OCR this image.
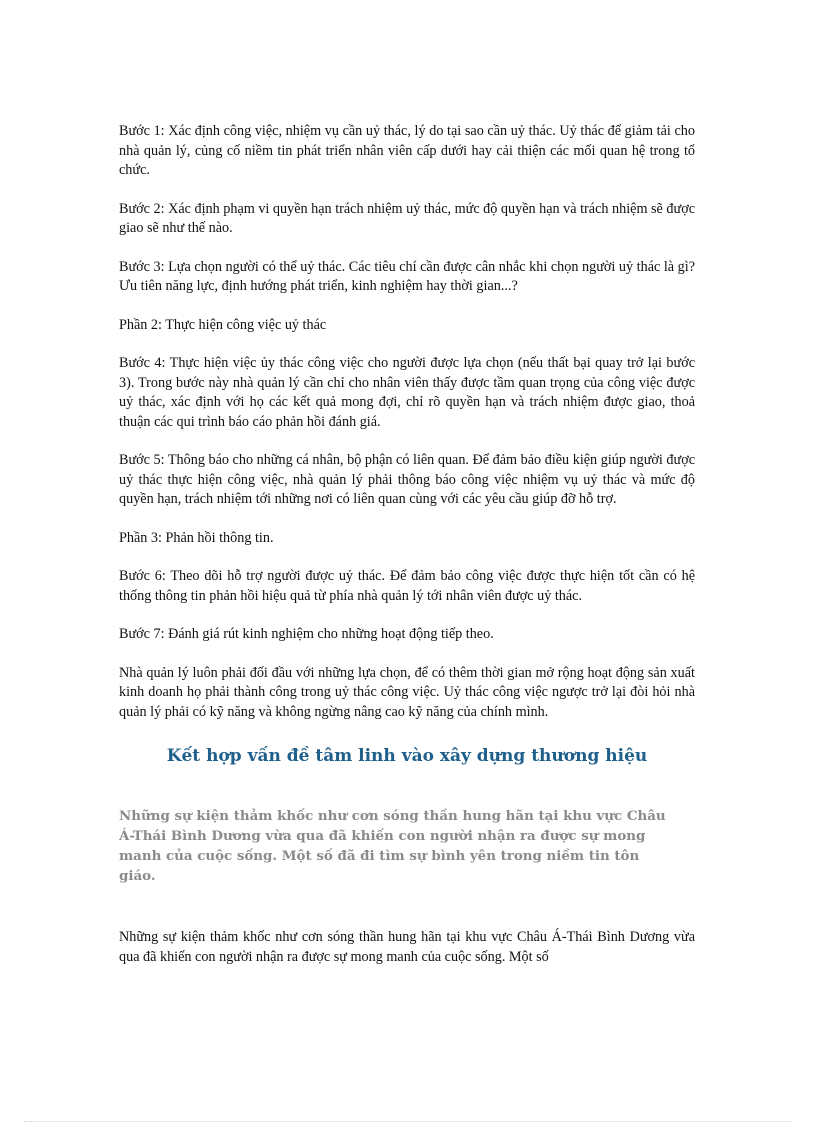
Bước 1: Xác định công việc, nhiệm vụ cần uỷ thác, lý do tại sao cần uỷ thác. Uỷ thác để giảm tải cho nhà quản lý, củng cố niềm tin phát triển nhân viên cấp dưới hay cải thiện các mối quan hệ trong tổ chức.

Bước 2: Xác định phạm vi quyền hạn trách nhiệm uỷ thác, mức độ quyền hạn và trách nhiệm sẽ được giao sẽ như thế nào.

Bước 3: Lựa chọn người có thể uỷ thác. Các tiêu chí cần được cân nhắc khi chọn người uỷ thác là gì? Ưu tiên năng lực, định hướng phát triển, kinh nghiệm hay thời gian...?

Phần 2: Thực hiện công việc uỷ thác

Bước 4: Thực hiện việc ủy thác công việc cho người được lựa chọn (nếu thất bại quay trở lại bước 3). Trong bước này nhà quản lý cần chỉ cho nhân viên thấy được tầm quan trọng của công việc được uỷ thác, xác định với họ các kết quả mong đợi, chỉ rõ quyền hạn và trách nhiệm được giao, thoả thuận các qui trình báo cáo phản hồi đánh giá.

Bước 5: Thông báo cho những cá nhân, bộ phận có liên quan. Để đảm bảo điều kiện giúp người được uỷ thác thực hiện công việc, nhà quản lý phải thông báo công việc nhiệm vụ uỷ thác và mức độ quyền hạn, trách nhiệm tới những nơi có liên quan cùng với các yêu cầu giúp đỡ hỗ trợ.

Phần 3: Phản hồi thông tin.

Bước 6: Theo dõi hỗ trợ người được uỷ thác. Để đảm bảo công việc được thực hiện tốt cần có hệ thống thông tin phản hồi hiệu quả từ phía nhà quản lý tới nhân viên được uỷ thác.

Bước 7: Đánh giá rút kinh nghiệm cho những hoạt động tiếp theo.

Nhà quản lý luôn phải đối đầu với những lựa chọn, để có thêm thời gian mở rộng hoạt động sản xuất kinh doanh họ phải thành công trong uỷ thác công việc. Uỷ thác công việc ngược trở lại đòi hỏi nhà quản lý phải có kỹ năng và không ngừng nâng cao kỹ năng của chính mình.

Kết hợp vấn đề tâm linh vào xây dựng thương hiệu

Những sự kiện thảm khốc như cơn sóng thần hung hãn tại khu vực Châu Á-Thái Bình Dương vừa qua đã khiến con người nhận ra được sự mong manh của cuộc sống. Một số đã đi tìm sự bình yên trong niềm tin tôn giáo.

Những sự kiện thảm khốc như cơn sóng thần hung hãn tại khu vực Châu Á-Thái Bình Dương vừa qua đã khiến con người nhận ra được sự mong manh của cuộc sống. Một số
